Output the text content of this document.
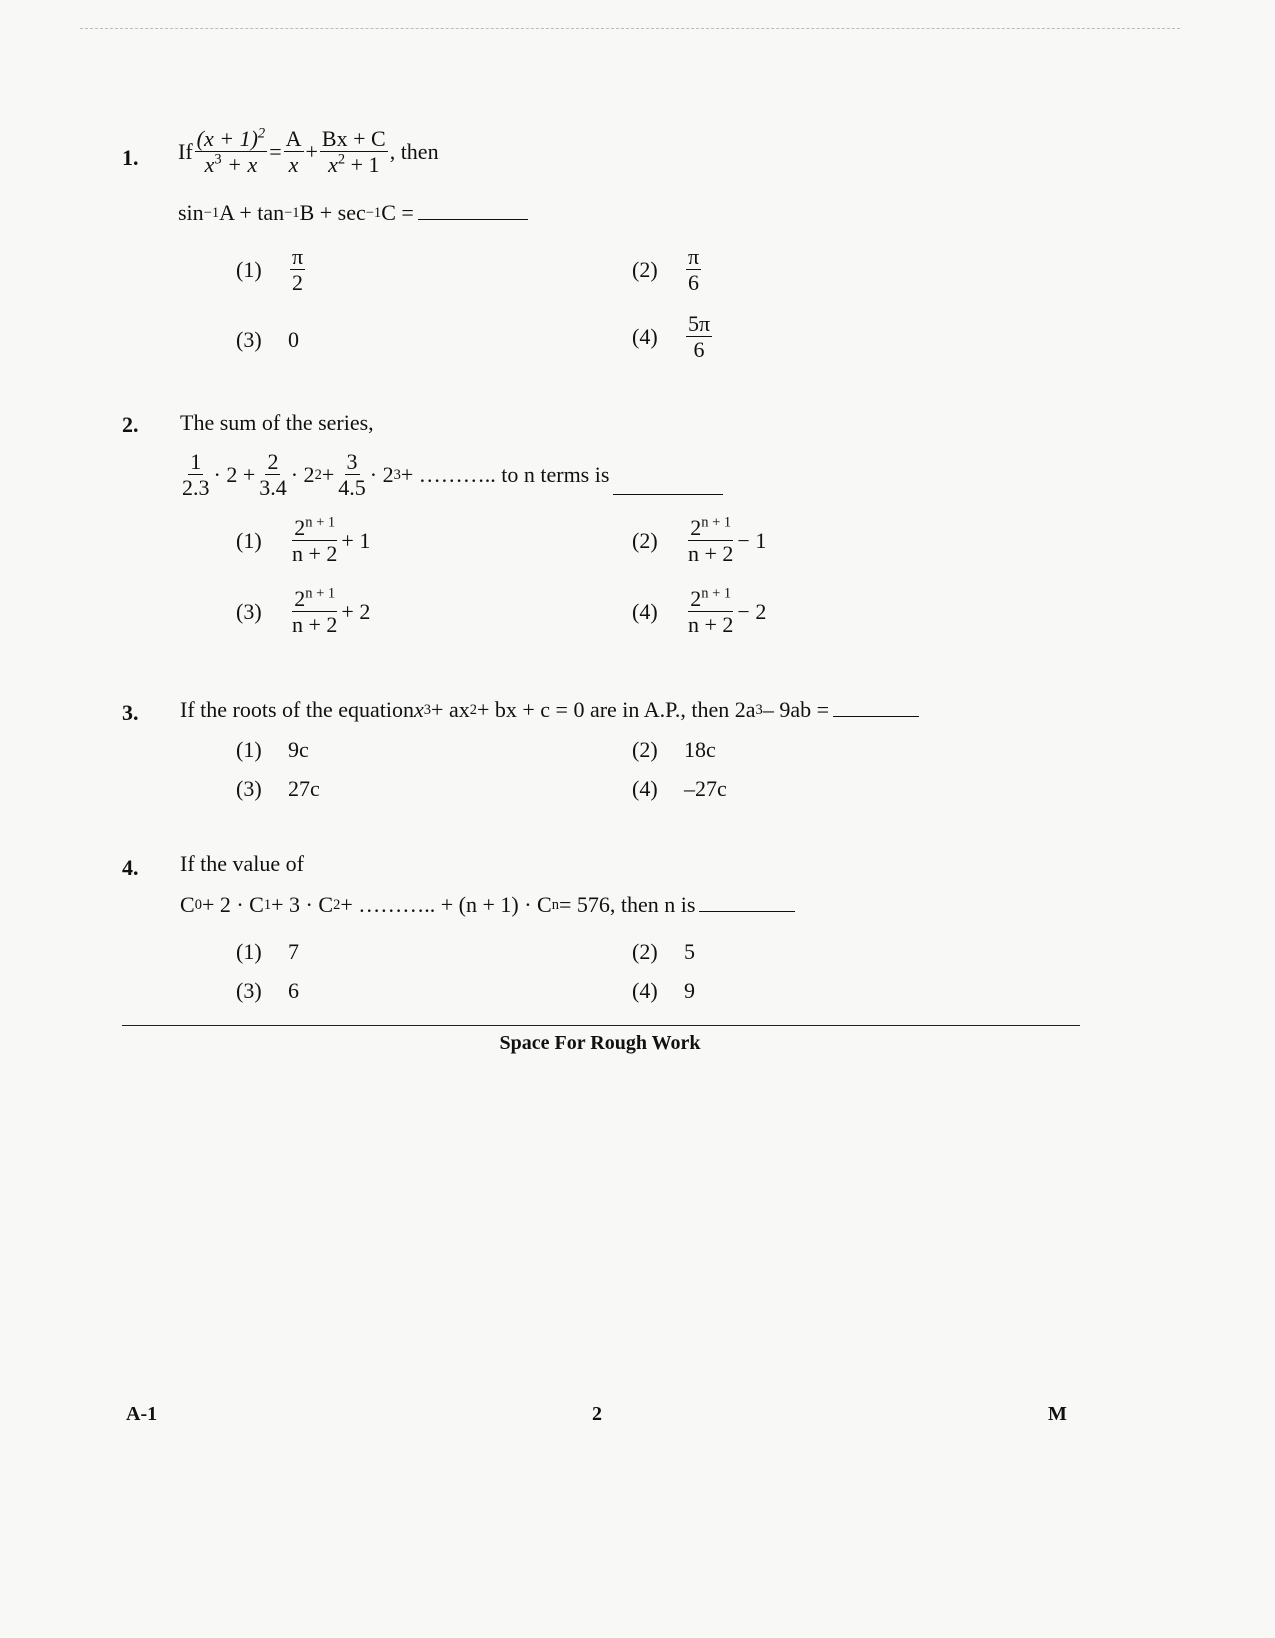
1. If $\frac{(x + 1)^2}{x^3 + x} = \frac{A}{x} + \frac{Bx + C}{x^2 + 1}$ , then
sin −1 A + tan −1 B + sec −1 C =
(1)	$\frac{\pi}{2}$	(2)	$\frac{\pi}{6}$
(3)	0	(4)	$\frac{5\pi}{6}$
2. The sum of the series,
$\frac{1}{2.3} \cdot 2 + \frac{2}{3.4} \cdot 2$ $2 + \frac{3}{4.5} \cdot 2$ 3 + ……….. to n terms is
(1)	$\frac{2^{n + 1}}{n + 2} + 1$	(2)	$\frac{2^{n + 1}}{n + 2} - 1$
(3)	$\frac{2^{n + 1}}{n + 2} + 2$	(4)	$\frac{2^{n + 1}}{n + 2} - 2$
3. If the roots of the equation x 3 + ax 2 + bx + c = 0 are in A.P., then 2a 3 – 9ab =
(1)	9c	(2)	18c
(3)	27c	(4)	–27c
4. If the value of
C 0 + 2 · C 1 + 3 · C 2 + ……….. + (n + 1) · C n = 576, then n is
(1)	7	(2)	5
(3)	6	(4)	9
Space For Rough Work
A-1	2	M
